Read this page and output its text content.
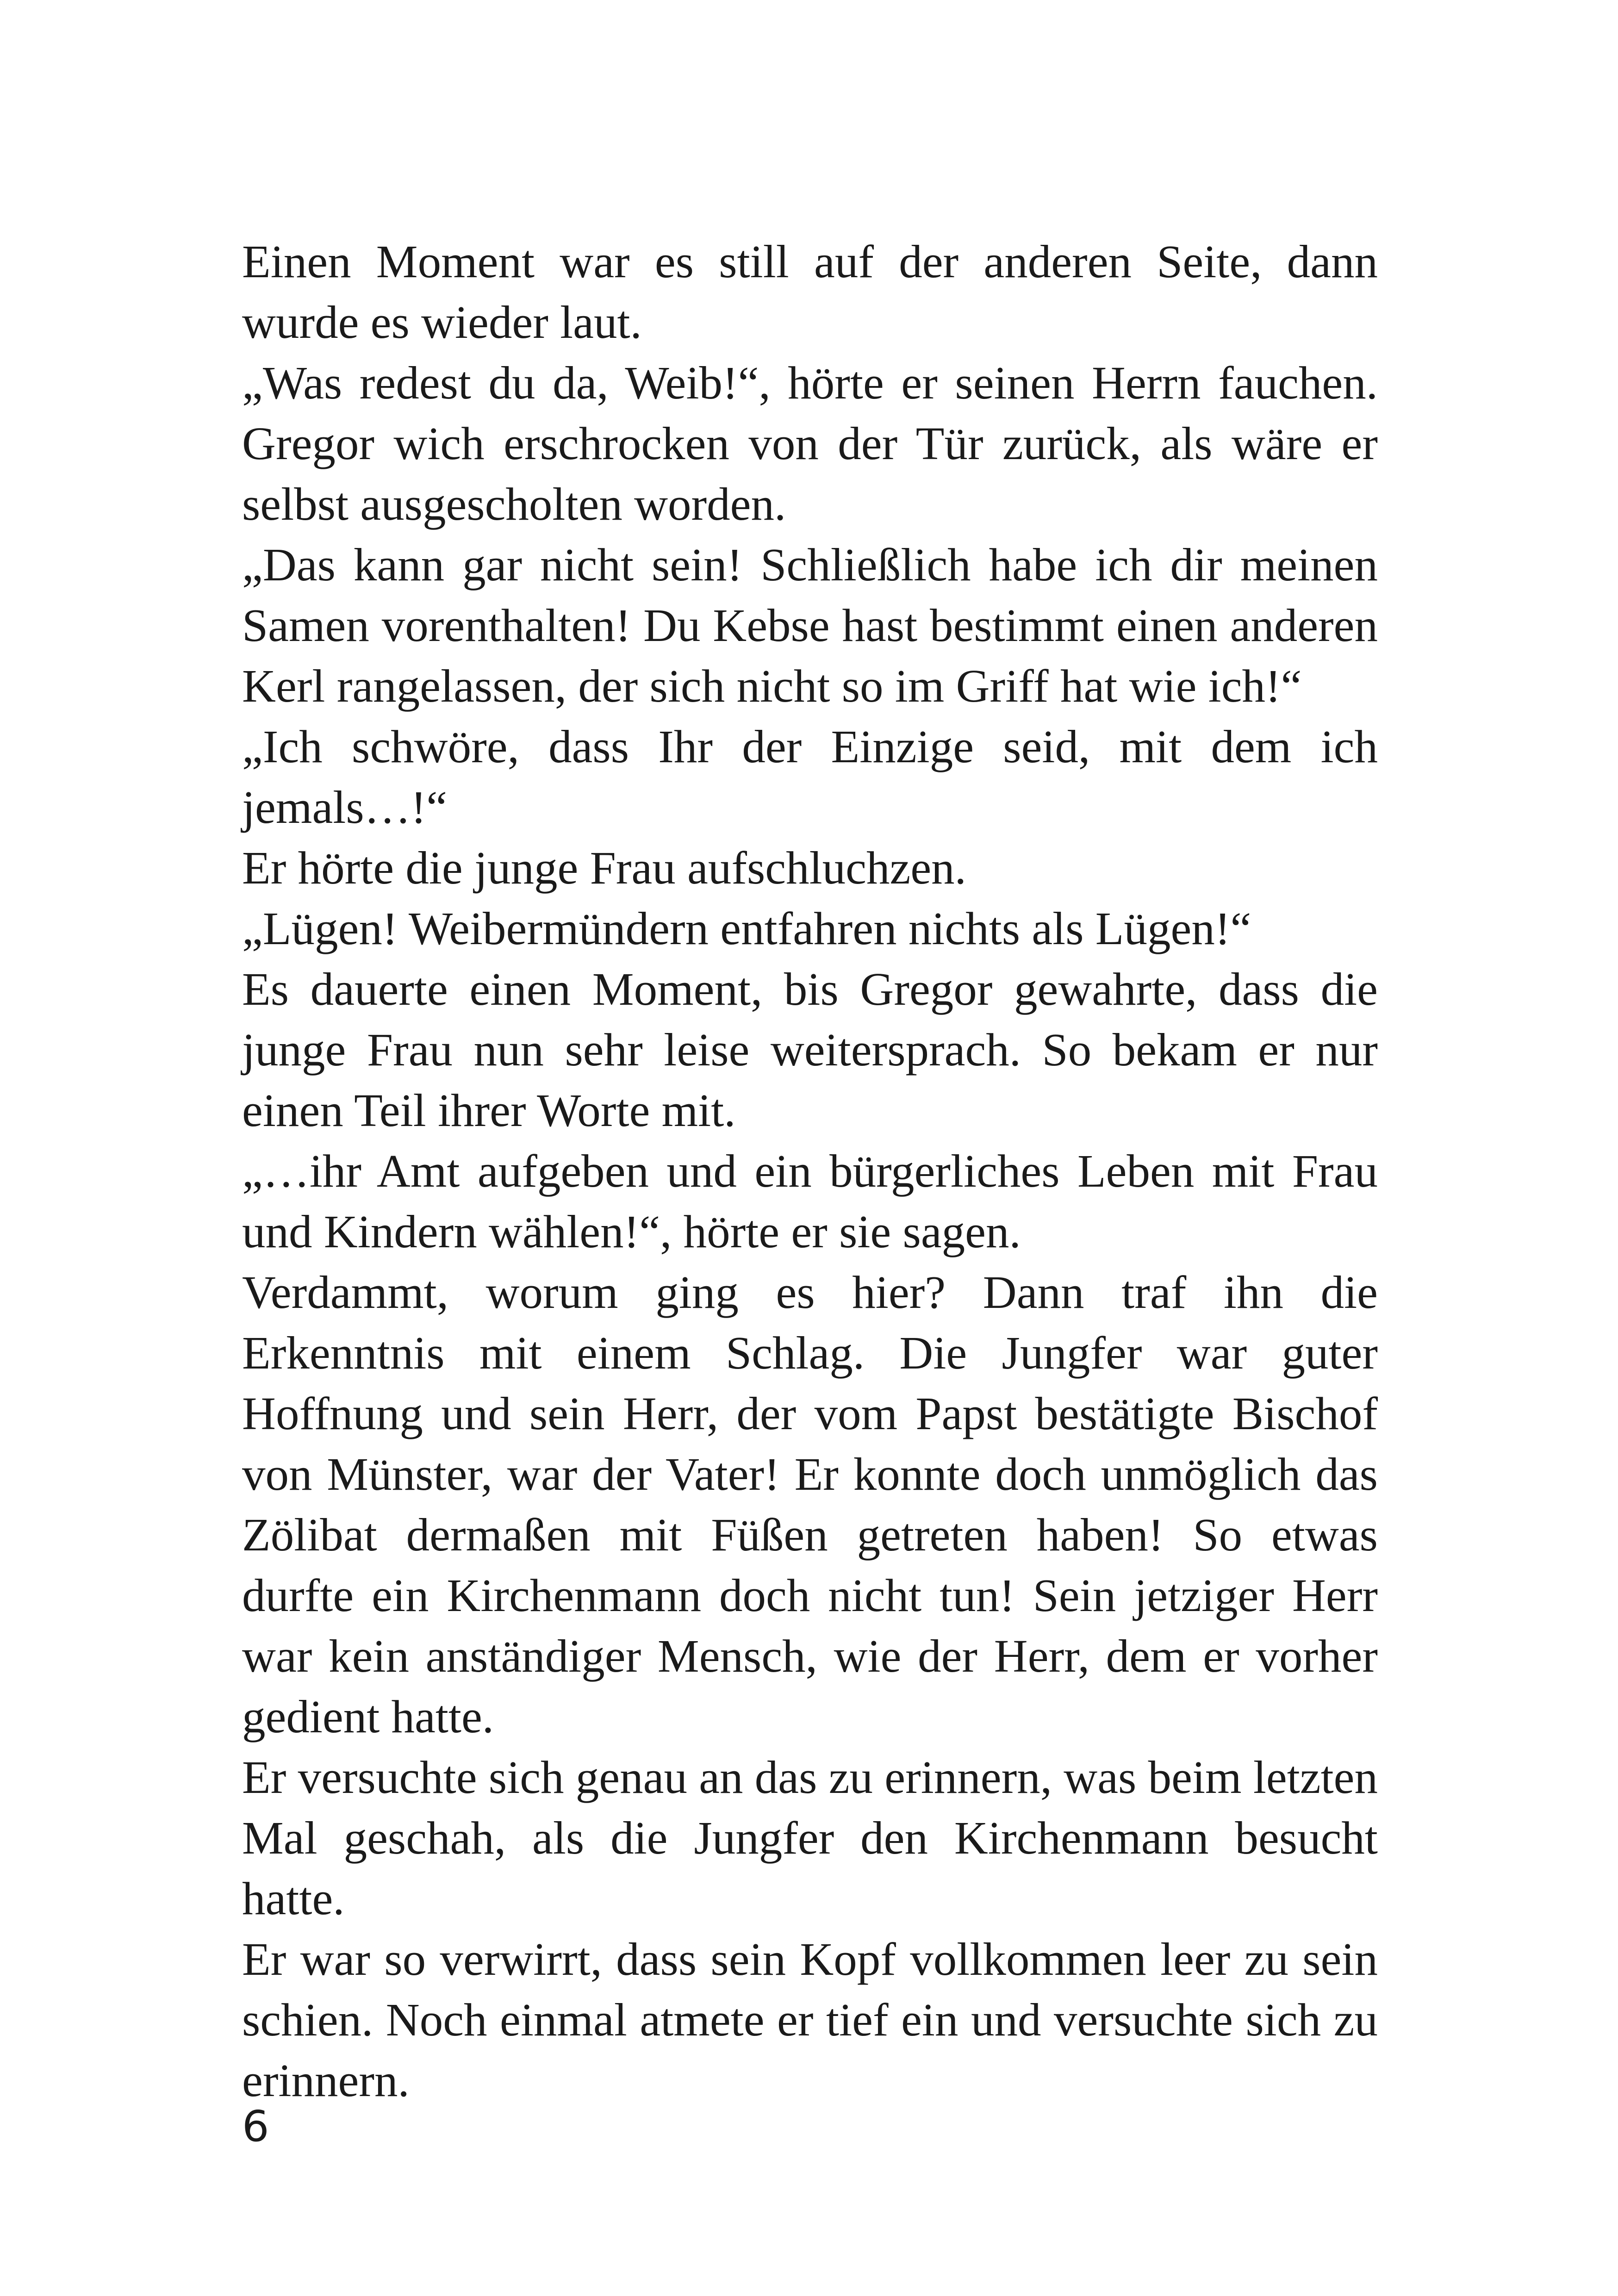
Einen Moment war es still auf der anderen Seite, dann wurde es wieder laut.

„Was redest du da, Weib!“, hörte er seinen Herrn fauchen. Gregor wich erschrocken von der Tür zurück, als wäre er selbst ausgescholten worden.

„Das kann gar nicht sein! Schließlich habe ich dir meinen Samen vorenthalten! Du Kebse hast bestimmt einen anderen Kerl rangelassen, der sich nicht so im Griff hat wie ich!“

„Ich schwöre, dass Ihr der Einzige seid, mit dem ich jemals…!“

Er hörte die junge Frau aufschluchzen.

„Lügen! Weibermündern entfahren nichts als Lügen!“

Es dauerte einen Moment, bis Gregor gewahrte, dass die junge Frau nun sehr leise weitersprach. So bekam er nur einen Teil ihrer Worte mit.

„…ihr Amt aufgeben und ein bürgerliches Leben mit Frau und Kindern wählen!“, hörte er sie sagen.

Verdammt, worum ging es hier? Dann traf ihn die Erkenntnis mit einem Schlag. Die Jungfer war guter Hoffnung und sein Herr, der vom Papst bestätigte Bischof von Münster, war der Vater! Er konnte doch unmöglich das Zölibat dermaßen mit Füßen getreten haben! So etwas durfte ein Kirchenmann doch nicht tun! Sein jetziger Herr war kein anständiger Mensch, wie der Herr, dem er vorher gedient hatte.

Er versuchte sich genau an das zu erinnern, was beim letzten Mal geschah, als die Jungfer den Kirchenmann besucht hatte.

Er war so verwirrt, dass sein Kopf vollkommen leer zu sein schien. Noch einmal atmete er tief ein und versuchte sich zu erinnern.

6
